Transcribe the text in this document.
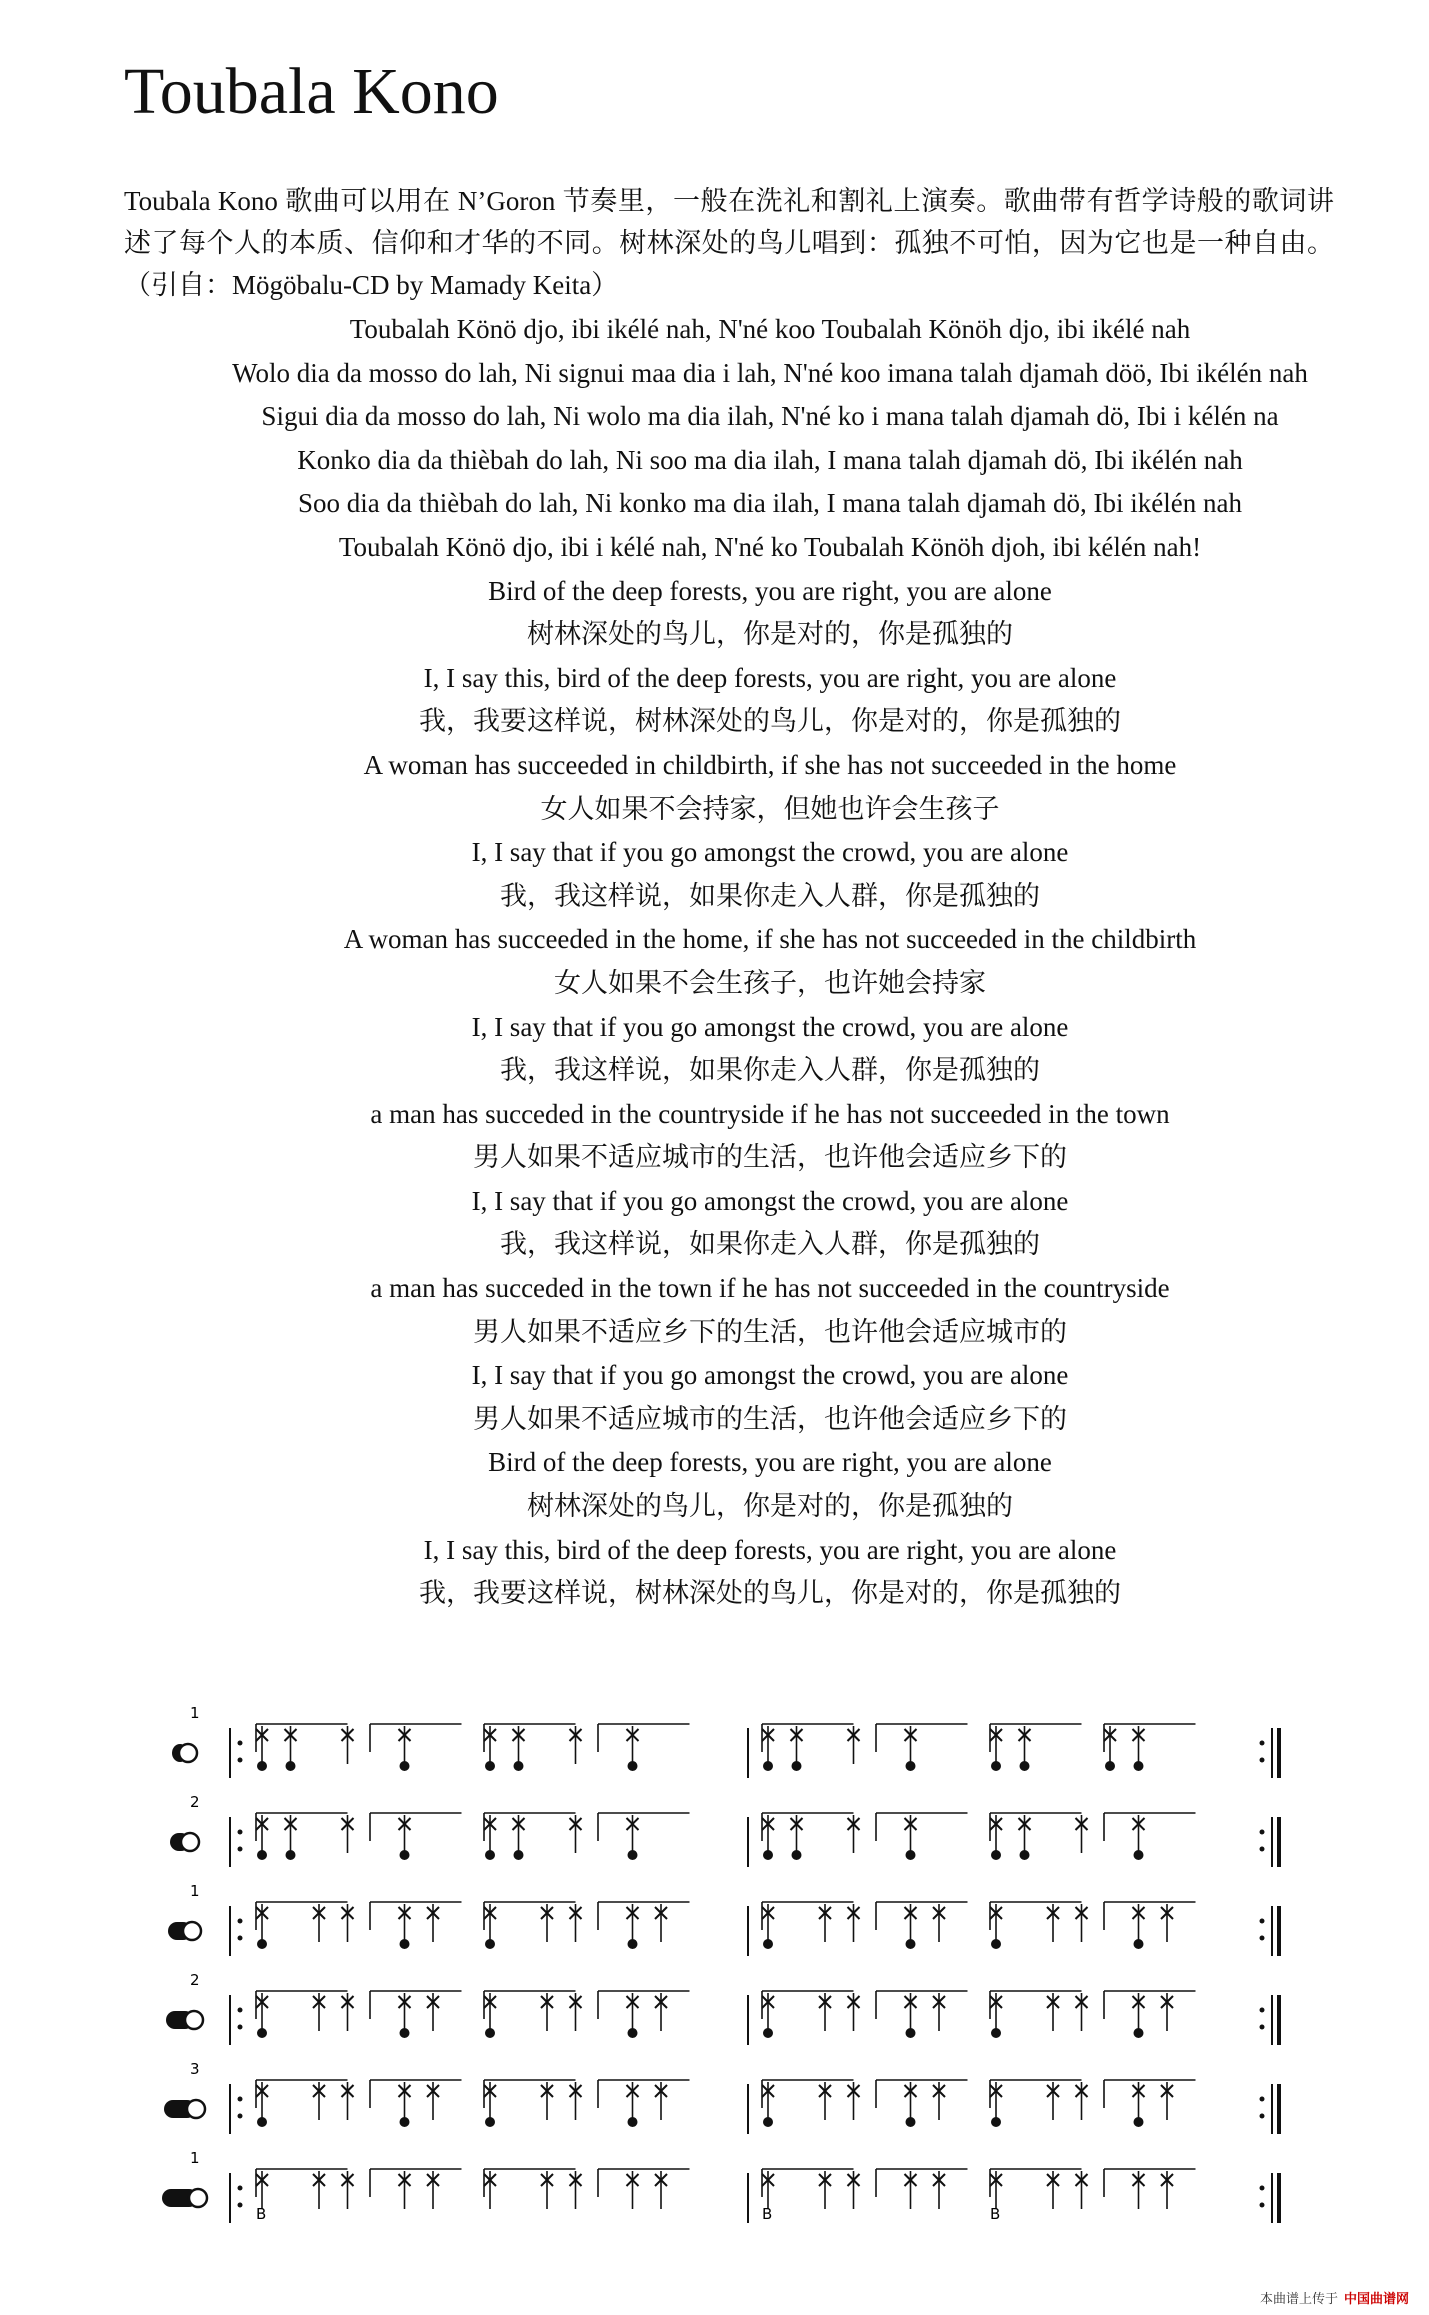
Toubala Kono
Toubala Kono 歌曲可以用在 N’Goron 节奏里，一般在洗礼和割礼上演奏。歌曲带有哲学诗般的歌词讲述了每个人的本质、信仰和才华的不同。树林深处的鸟儿唱到：孤独不可怕，因为它也是一种自由。（引自：Mögöbalu-CD by Mamady Keita）
Toubalah Könö djo, ibi ikélé nah, N'né koo Toubalah Könöh djo, ibi ikélé nah
Wolo dia da mosso do lah, Ni signui maa dia i lah, N'né koo imana talah djamah döö, Ibi ikélén nah
Sigui dia da mosso do lah, Ni wolo ma dia ilah, N'né ko i mana talah djamah dö, Ibi i kélén na
Konko dia da thièbah do lah, Ni soo ma dia ilah, I mana talah djamah dö, Ibi ikélén nah
Soo dia da thièbah do lah, Ni konko ma dia ilah, I mana talah djamah dö, Ibi ikélén nah
Toubalah Könö djo, ibi i kélé nah, N'né ko Toubalah Könöh djoh, ibi kélén nah!
Bird of the deep forests, you are right, you are alone
树林深处的鸟儿，你是对的，你是孤独的
I, I say this, bird of the deep forests, you are right, you are alone
我，我要这样说，树林深处的鸟儿，你是对的，你是孤独的
A woman has succeeded in childbirth, if she has not succeeded in the home
女人如果不会持家，但她也许会生孩子
I, I say that if you go amongst the crowd, you are alone
我，我这样说，如果你走入人群，你是孤独的
A woman has succeeded in the home, if she has not succeeded in the childbirth
女人如果不会生孩子，也许她会持家
I, I say that if you go amongst the crowd, you are alone
我，我这样说，如果你走入人群，你是孤独的
a man has succeded in the countryside if he has not succeeded in the town
男人如果不适应城市的生活，也许他会适应乡下的
I, I say that if you go amongst the crowd, you are alone
我，我这样说，如果你走入人群，你是孤独的
a man has succeded in the town if he has not succeeded in the countryside
男人如果不适应乡下的生活，也许他会适应城市的
I, I say that if you go amongst the crowd, you are alone
男人如果不适应城市的生活，也许他会适应乡下的
Bird of the deep forests, you are right, you are alone
树林深处的鸟儿，你是对的，你是孤独的
I, I say this, bird of the deep forests, you are right, you are alone
我，我要这样说，树林深处的鸟儿，你是对的，你是孤独的
1
2
1
2
3
1
B	B	B
本曲谱上传于 中国曲谱网
